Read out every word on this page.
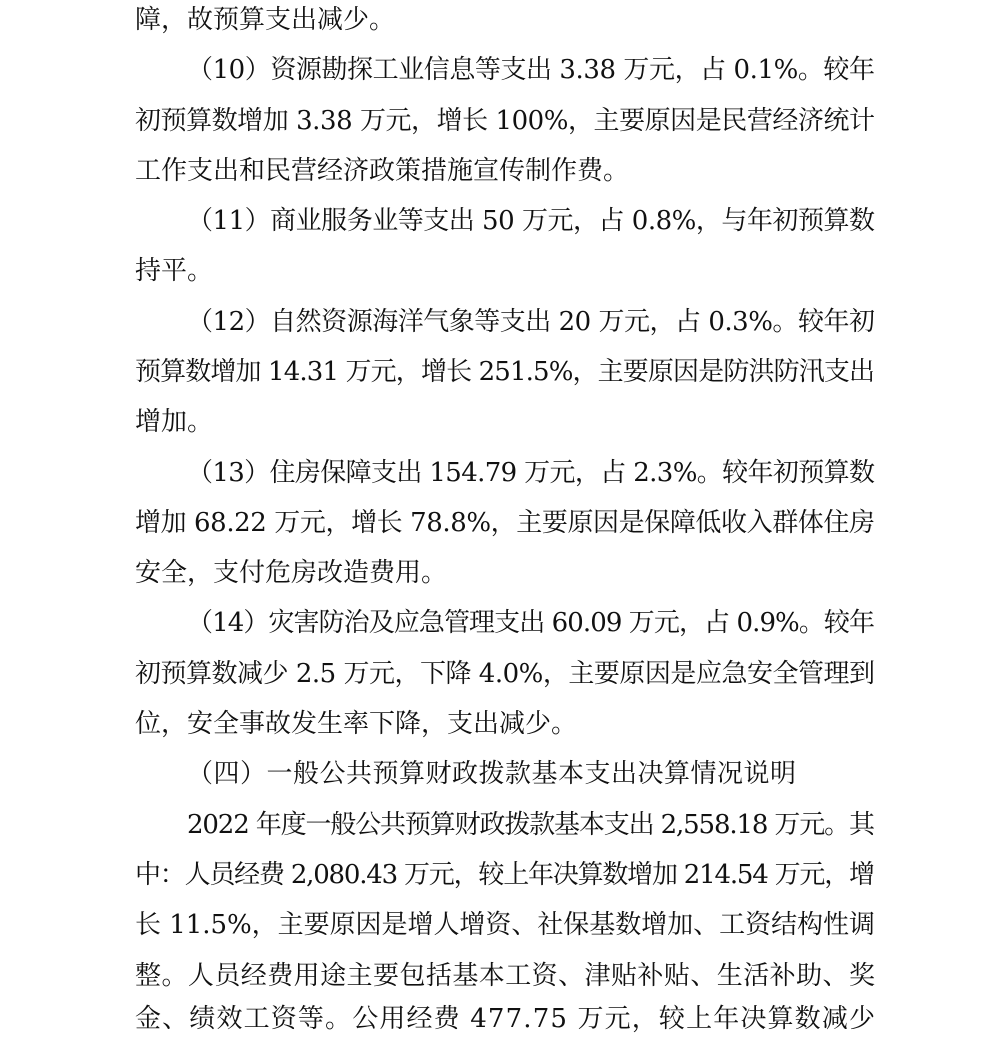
障，故预算支出减少。
（10）资源勘探工业信息等支出 3.38 万元，占 0.1%。较年
初预算数增加 3.38 万元，增长 100%，主要原因是民营经济统计
工作支出和民营经济政策措施宣传制作费。
（11）商业服务业等支出 50 万元，占 0.8%，与年初预算数
持平。
（12）自然资源海洋气象等支出 20 万元，占 0.3%。较年初
预算数增加 14.31 万元，增长 251.5%，主要原因是防洪防汛支出
增加。
（13）住房保障支出 154.79 万元，占 2.3%。较年初预算数
增加 68.22 万元，增长 78.8%，主要原因是保障低收入群体住房
安全，支付危房改造费用。
（14）灾害防治及应急管理支出 60.09 万元，占 0.9%。较年
初预算数减少 2.5 万元，下降 4.0%，主要原因是应急安全管理到
位，安全事故发生率下降，支出减少。
（四）一般公共预算财政拨款基本支出决算情况说明
2022 年度一般公共预算财政拨款基本支出 2,558.18 万元。其
中：人员经费 2,080.43 万元，较上年决算数增加 214.54 万元，增
长 11.5%，主要原因是增人增资、社保基数增加、工资结构性调
整。人员经费用途主要包括基本工资、津贴补贴、生活补助、奖
金、绩效工资等。公用经费 477.75 万元，较上年决算数减少
